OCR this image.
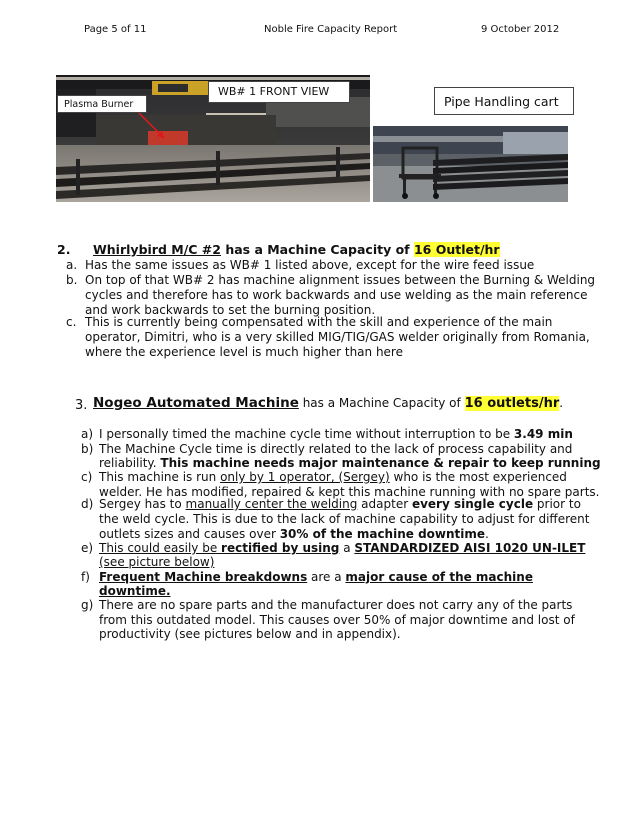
Page 5 of 11	Noble Fire Capacity Report	9 October 2012
WB# 1 FRONT VIEW
Plasma Burner	Pipe Handling cart
2. Whirlybird M/C #2 has a Machine Capacity of 16 Outlet/hr
a. Has the same issues as WB# 1 listed above, except for the wire feed issue
b. On top of that WB# 2 has machine alignment issues between the Burning & Welding
cycles and therefore has to work backwards and use welding as the main reference
and work backwards to set the burning position.
c. This is currently being compensated with the skill and experience of the main
operator, Dimitri, who is a very skilled MIG/TIG/GAS welder originally from Romania,
where the experience level is much higher than here
3. Nogeo Automated Machine has a Machine Capacity of 16 outlets/hr.
a) I personally timed the machine cycle time without interruption to be 3.49 min
b) The Machine Cycle time is directly related to the lack of process capability and
reliability. This machine needs major maintenance & repair to keep running
c) This machine is run only by 1 operator, (Sergey) who is the most experienced
welder. He has modified, repaired & kept this machine running with no spare parts.
d) Sergey has to manually center the welding adapter every single cycle prior to
the weld cycle. This is due to the lack of machine capability to adjust for different
outlets sizes and causes over 30% of the machine downtime.
e) This could easily be rectified by using a STANDARDIZED AISI 1020 UN-ILET
(see picture below)
f) Frequent Machine breakdowns are a major cause of the machine
downtime.
g) There are no spare parts and the manufacturer does not carry any of the parts
from this outdated model. This causes over 50% of major downtime and lost of
productivity (see pictures below and in appendix).
